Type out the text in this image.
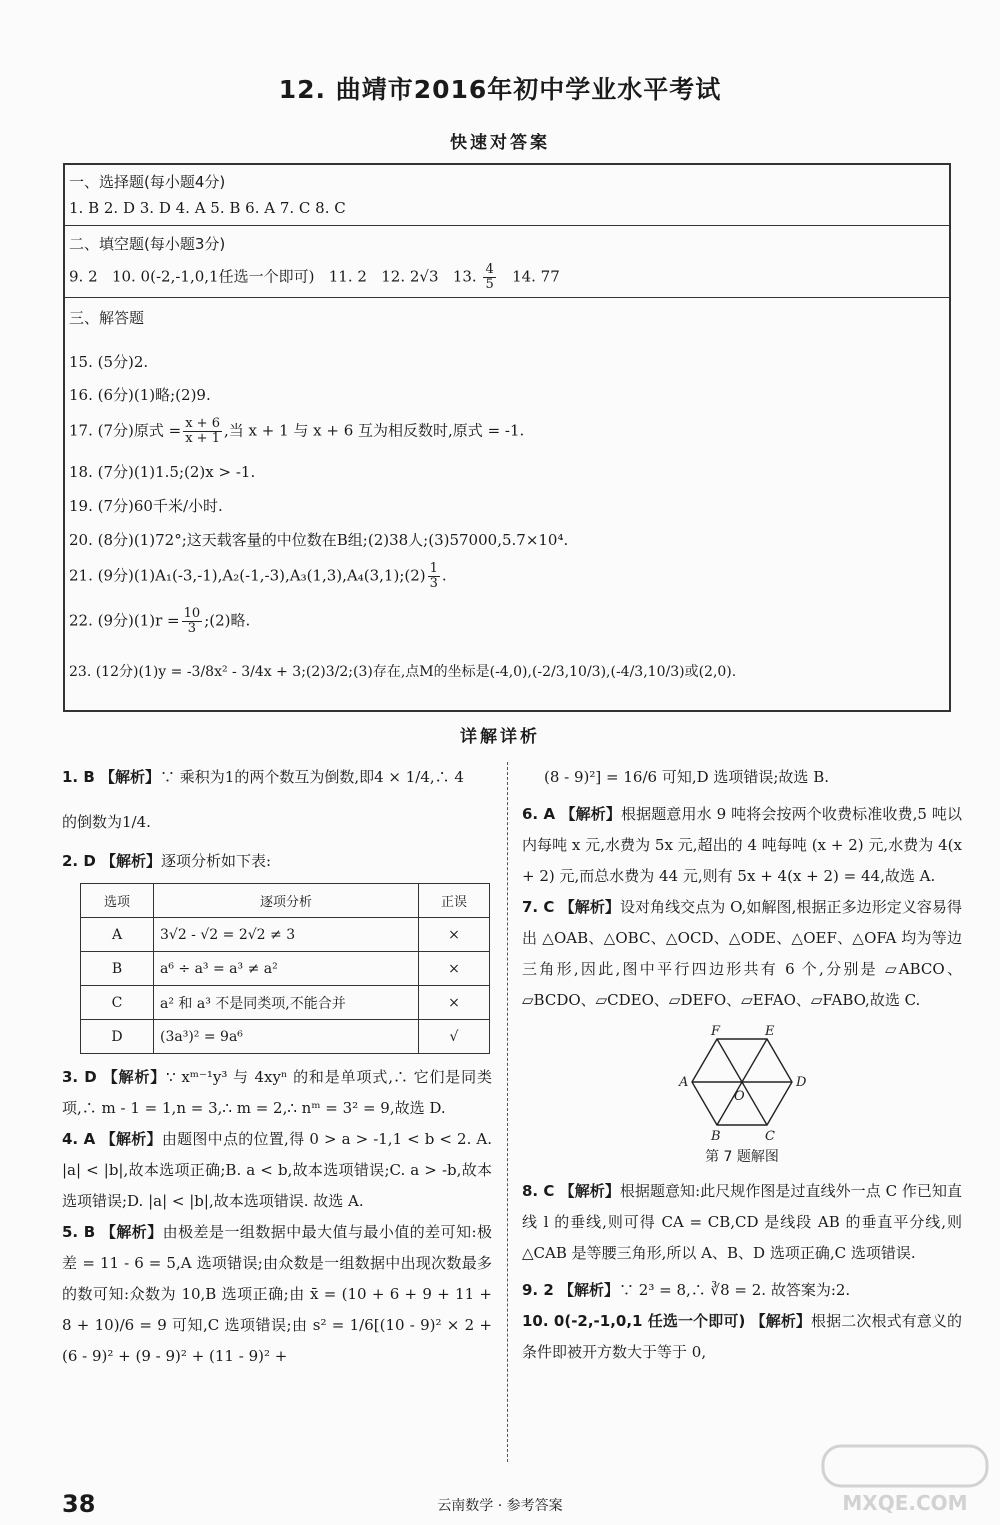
12. 曲靖市2016年初中学业水平考试
快速对答案
一、选择题(每小题4分)
1. B 2. D 3. D 4. A 5. B 6. A 7. C 8. C
二、填空题(每小题3分)
9. 2 10. 0(-2,-1,0,1任选一个即可) 11. 2 12. 2√3 13. $\frac{4}{5} 14$. 77
三、解答题
15. (5分)2.
16. (6分)(1)略;(2)9.
17. (7分)原式 = $\frac{x + 6}{x + 1}$ ,当 x + 1 与 x + 6 互为相反数时,原式 = -1.
18. (7分)(1)1.5;(2)x > -1.
19. (7分)60千米/小时.
20. (8分)(1)72°;这天载客量的中位数在B组;(2)38人;(3)57000,5.7×10⁴.
21. (9分)(1)A₁(-3,-1),A₂(-1,-3),A₃(1,3),A₄(3,1);(2) $\frac{1}{3}$ .
22. (9分)$(1)r = \frac{10}{3}$ ;(2)略.
23. (12分)(1)y = -3/8x² - 3/4x + 3;(2)3/2;(3)存在,点M的坐标是(-4,0),(-2/3,10/3),(-4/3,10/3)或(2,0).
详解详析

1. B 【解析】∵ 乘积为1的两个数互为倒数,即4 × 1/4,∴ 4

的倒数为1/4.

2. D 【解析】逐项分析如下表:

选项	逐项分析	正误
A	3√2 - √2 = 2√2 ≠ 3	×
B	a⁶ ÷ a³ = a³ ≠ a²	×
C	a² 和 a³ 不是同类项,不能合并	×
D	(3a³)² = 9a⁶	√

3. D 【解析】∵ xᵐ⁻¹y³ 与 4xyⁿ 的和是单项式,∴ 它们是同类项,∴ m - 1 = 1,n = 3,∴ m = 2,∴ nᵐ = 3² = 9,故选 D.

4. A 【解析】由题图中点的位置,得 0 > a > -1,1 < b < 2. A. |a| < |b|,故本选项正确;B. a < b,故本选项错误;C. a > -b,故本选项错误;D. |a| < |b|,故本选项错误. 故选 A.

5. B 【解析】由极差是一组数据中最大值与最小值的差可知:极差 = 11 - 6 = 5,A 选项错误;由众数是一组数据中出现次数最多的数可知:众数为 10,B 选项正确;由 x̄ = (10 + 6 + 9 + 11 + 8 + 10)/6 = 9 可知,C 选项错误;由 s² = 1/6[(10 - 9)² × 2 + (6 - 9)² + (9 - 9)² + (11 - 9)² +

(8 - 9)²] = 16/6 可知,D 选项错误;故选 B.

6. A 【解析】根据题意用水 9 吨将会按两个收费标准收费,5 吨以内每吨 x 元,水费为 5x 元,超出的 4 吨每吨 (x + 2) 元,水费为 4(x + 2) 元,而总水费为 44 元,则有 5x + 4(x + 2) = 44,故选 A.

7. C 【解析】设对角线交点为 O,如解图,根据正多边形定义容易得出 △OAB、△OBC、△OCD、△ODE、△OEF、△OFA 均为等边三角形,因此,图中平行四边形共有 6 个,分别是 ▱ABCO、▱BCDO、▱CDEO、▱DEFO、▱EFAO、▱FABO,故选 C.

F	E
A	D
O
B	C
第 7 题解图

8. C 【解析】根据题意知:此尺规作图是过直线外一点 C 作已知直线 l 的垂线,则可得 CA = CB,CD 是线段 AB 的垂直平分线,则 △CAB 是等腰三角形,所以 A、B、D 选项正确,C 选项错误.

9. 2 【解析】∵ 2³ = 8,∴ ∛8 = 2. 故答案为:2.

10. 0(-2,-1,0,1 任选一个即可) 【解析】根据二次根式有意义的条件即被开方数大于等于 0,

38	云南数学 · 参考答案	MXQE.COM
